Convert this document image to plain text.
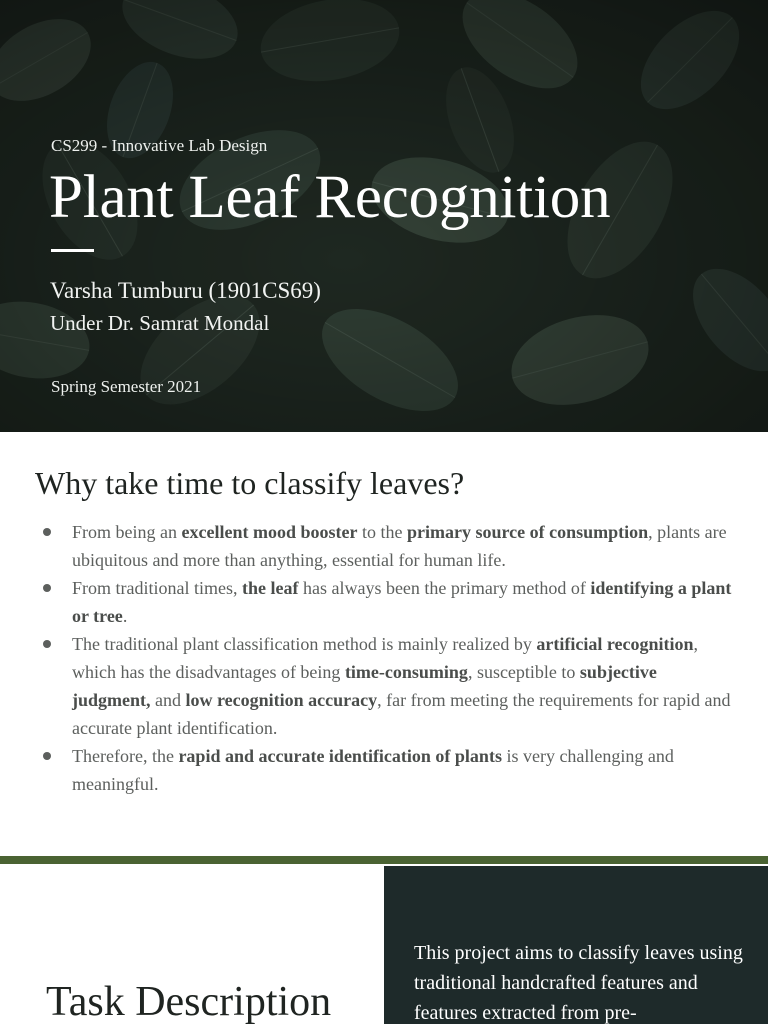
CS299 - Innovative Lab Design
Plant Leaf Recognition
Varsha Tumburu (1901CS69)
Under Dr. Samrat Mondal
Spring Semester 2021
Why take time to classify leaves?
From being an excellent mood booster to the primary source of consumption, plants are ubiquitous and more than anything, essential for human life.
From traditional times, the leaf has always been the primary method of identifying a plant or tree.
The traditional plant classification method is mainly realized by artificial recognition, which has the disadvantages of being time-consuming, susceptible to subjective judgment, and low recognition accuracy, far from meeting the requirements for rapid and accurate plant identification.
Therefore, the rapid and accurate identification of plants is very challenging and meaningful.
Task Description

This project aims to classify leaves using traditional handcrafted features and features extracted from pre-
